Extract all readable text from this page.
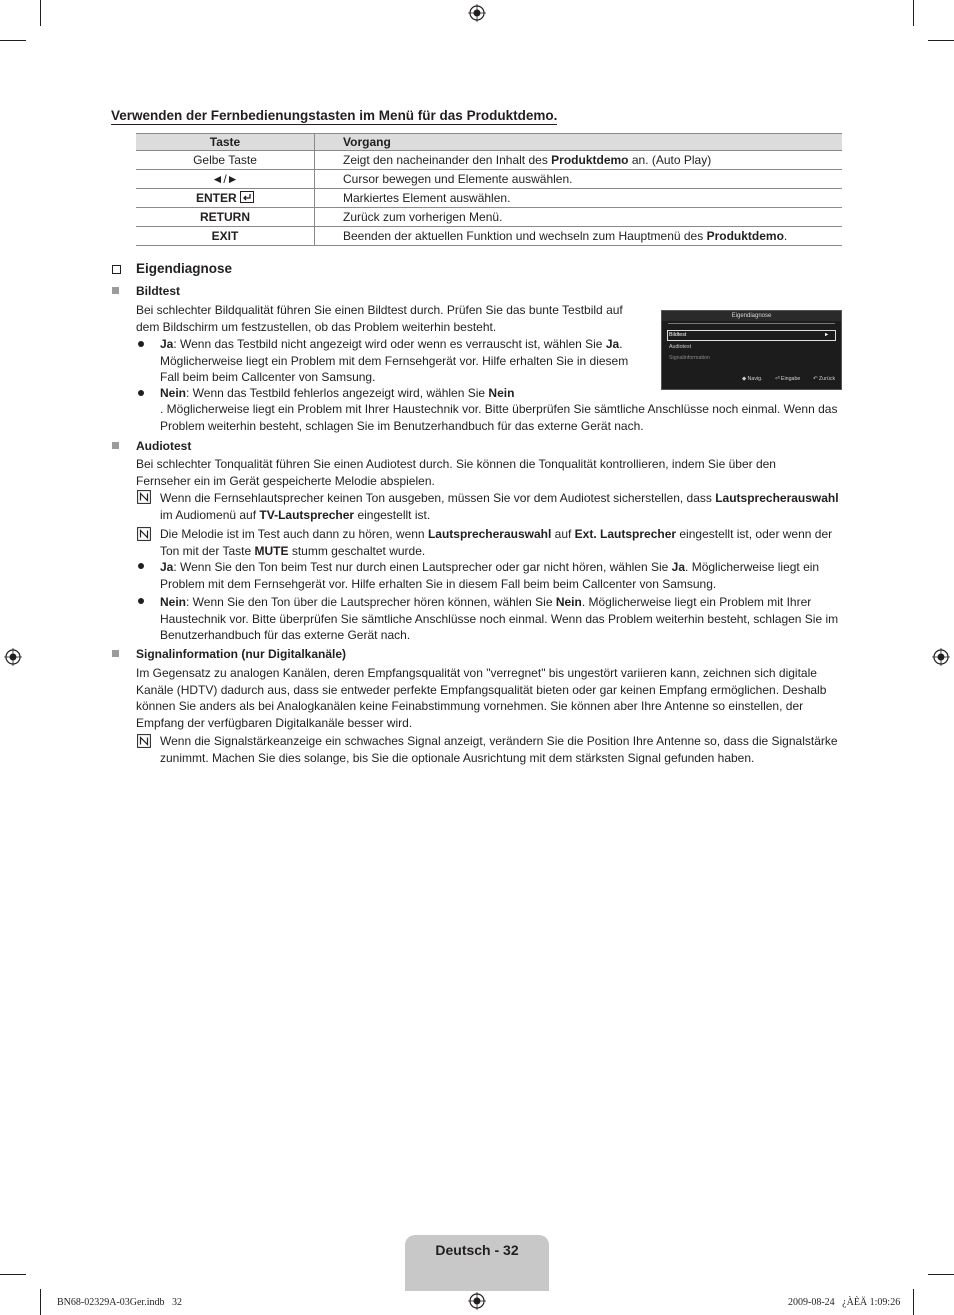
Verwenden der Fernbedienungstasten im Menü für das Produktdemo.
Taste	Vorgang
Gelbe Taste	Zeigt den nacheinander den Inhalt des Produktdemo an. (Auto Play)
◄/►	Cursor bewegen und Elemente auswählen.
ENTER	Markiertes Element auswählen.
RETURN	Zurück zum vorherigen Menü.
EXIT	Beenden der aktuellen Funktion und wechseln zum Hauptmenü des Produktdemo.
Eigendiagnose
Bildtest
Bei schlechter Bildqualität führen Sie einen Bildtest durch. Prüfen Sie das bunte Testbild auf dem Bildschirm um festzustellen, ob das Problem weiterhin besteht.
Ja: Wenn das Testbild nicht angezeigt wird oder wenn es verrauscht ist, wählen Sie Ja. Möglicherweise liegt ein Problem mit dem Fernsehgerät vor. Hilfe erhalten Sie in diesem Fall beim beim Callcenter von Samsung.
Nein: Wenn das Testbild fehlerlos angezeigt wird, wählen Sie Nein
. Möglicherweise liegt ein Problem mit Ihrer Haustechnik vor. Bitte überprüfen Sie sämtliche Anschlüsse noch einmal. Wenn das Problem weiterhin besteht, schlagen Sie im Benutzerhandbuch für das externe Gerät nach.
Eigendiagnose
Bildtest	►
Audiotest
Signalinformation
◆ Navig. ⏎ Eingabe ↶ Zurück
Audiotest
Bei schlechter Tonqualität führen Sie einen Audiotest durch. Sie können die Tonqualität kontrollieren, indem Sie über den Fernseher ein im Gerät gespeicherte Melodie abspielen.
Wenn die Fernsehlautsprecher keinen Ton ausgeben, müssen Sie vor dem Audiotest sicherstellen, dass Lautsprecherauswahl im Audiomenü auf TV-Lautsprecher eingestellt ist.
Die Melodie ist im Test auch dann zu hören, wenn Lautsprecherauswahl auf Ext. Lautsprecher eingestellt ist, oder wenn der Ton mit der Taste MUTE stumm geschaltet wurde.
Ja: Wenn Sie den Ton beim Test nur durch einen Lautsprecher oder gar nicht hören, wählen Sie Ja. Möglicherweise liegt ein Problem mit dem Fernsehgerät vor. Hilfe erhalten Sie in diesem Fall beim beim Callcenter von Samsung.
Nein: Wenn Sie den Ton über die Lautsprecher hören können, wählen Sie Nein. Möglicherweise liegt ein Problem mit Ihrer Haustechnik vor. Bitte überprüfen Sie sämtliche Anschlüsse noch einmal. Wenn das Problem weiterhin besteht, schlagen Sie im Benutzerhandbuch für das externe Gerät nach.
Signalinformation (nur Digitalkanäle)
Im Gegensatz zu analogen Kanälen, deren Empfangsqualität von "verregnet" bis ungestört variieren kann, zeichnen sich digitale Kanäle (HDTV) dadurch aus, dass sie entweder perfekte Empfangsqualität bieten oder gar keinen Empfang ermöglichen. Deshalb können Sie anders als bei Analogkanälen keine Feinabstimmung vornehmen. Sie können aber Ihre Antenne so einstellen, der Empfang der verfügbaren Digitalkanäle besser wird.
Wenn die Signalstärkeanzeige ein schwaches Signal anzeigt, verändern Sie die Position Ihre Antenne so, dass die Signalstärke zunimmt. Machen Sie dies solange, bis Sie die optionale Ausrichtung mit dem stärksten Signal gefunden haben.
Deutsch - 32
BN68-02329A-03Ger.indb   32	2009-08-24   ¿ÀÈÄ 1:09:26
